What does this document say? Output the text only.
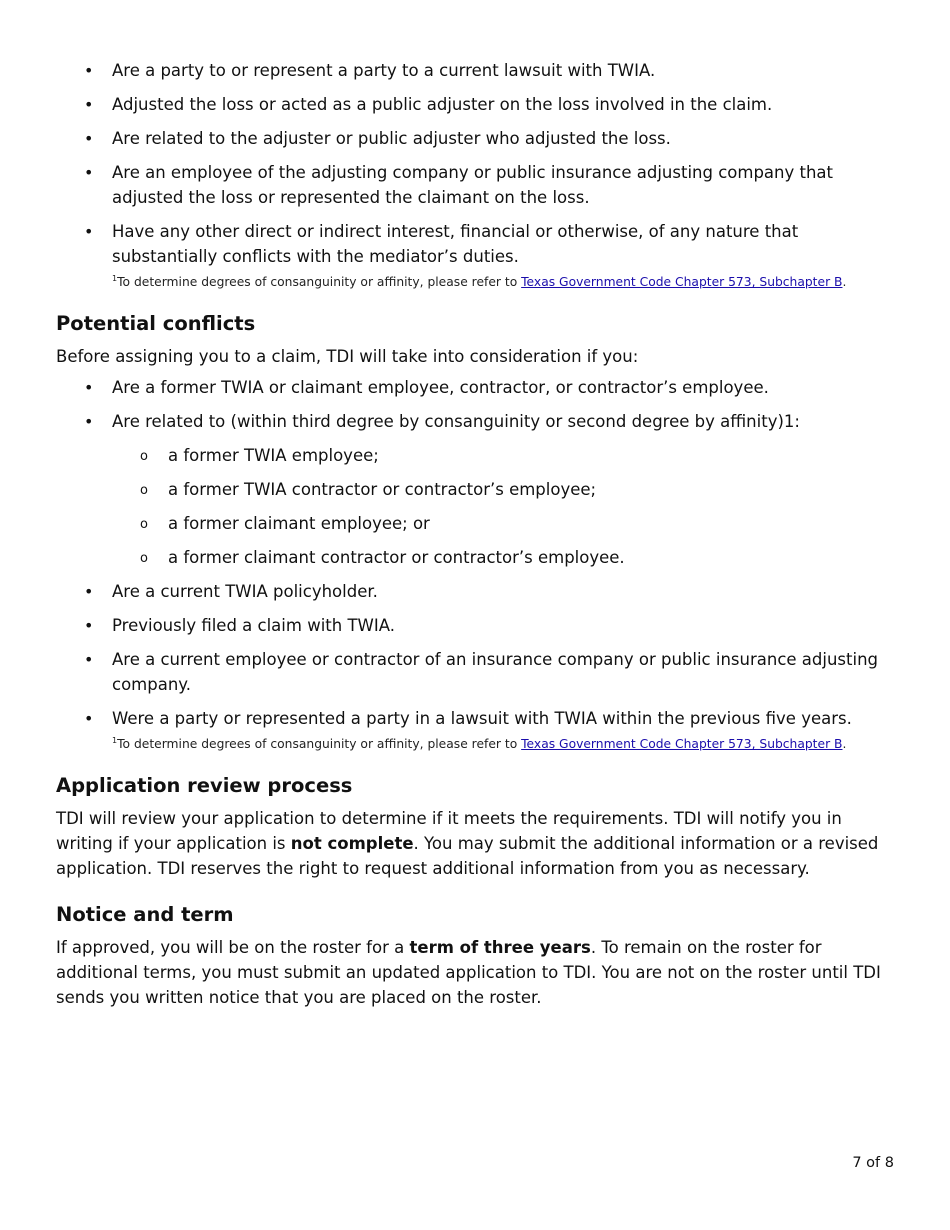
• Are a party to or represent a party to a current lawsuit with TWIA.
• Adjusted the loss or acted as a public adjuster on the loss involved in the claim.
• Are related to the adjuster or public adjuster who adjusted the loss.
• Are an employee of the adjusting company or public insurance adjusting company that adjusted the loss or represented the claimant on the loss.
• Have any other direct or indirect interest, financial or otherwise, of any nature that substantially conflicts with the mediator’s duties.

$^1$To determine degrees of consanguinity or affinity, please refer to Texas Government Code Chapter 573, Subchapter B.

Potential conflicts

Before assigning you to a claim, TDI will take into consideration if you:

• Are a former TWIA or claimant employee, contractor, or contractor’s employee.
• Are related to (within third degree by consanguinity or second degree by affinity)1:
o a former TWIA employee;
o a former TWIA contractor or contractor’s employee;
o a former claimant employee; or
o a former claimant contractor or contractor’s employee.
• Are a current TWIA policyholder.
• Previously filed a claim with TWIA.
• Are a current employee or contractor of an insurance company or public insurance adjusting company.
• Were a party or represented a party in a lawsuit with TWIA within the previous five years.

$^1$To determine degrees of consanguinity or affinity, please refer to Texas Government Code Chapter 573, Subchapter B.

Application review process

TDI will review your application to determine if it meets the requirements. TDI will notify you in writing if your application is not complete. You may submit the additional information or a revised application. TDI reserves the right to request additional information from you as necessary.

Notice and term

If approved, you will be on the roster for a term of three years. To remain on the roster for additional terms, you must submit an updated application to TDI. You are not on the roster until TDI sends you written notice that you are placed on the roster.

7 of 8
